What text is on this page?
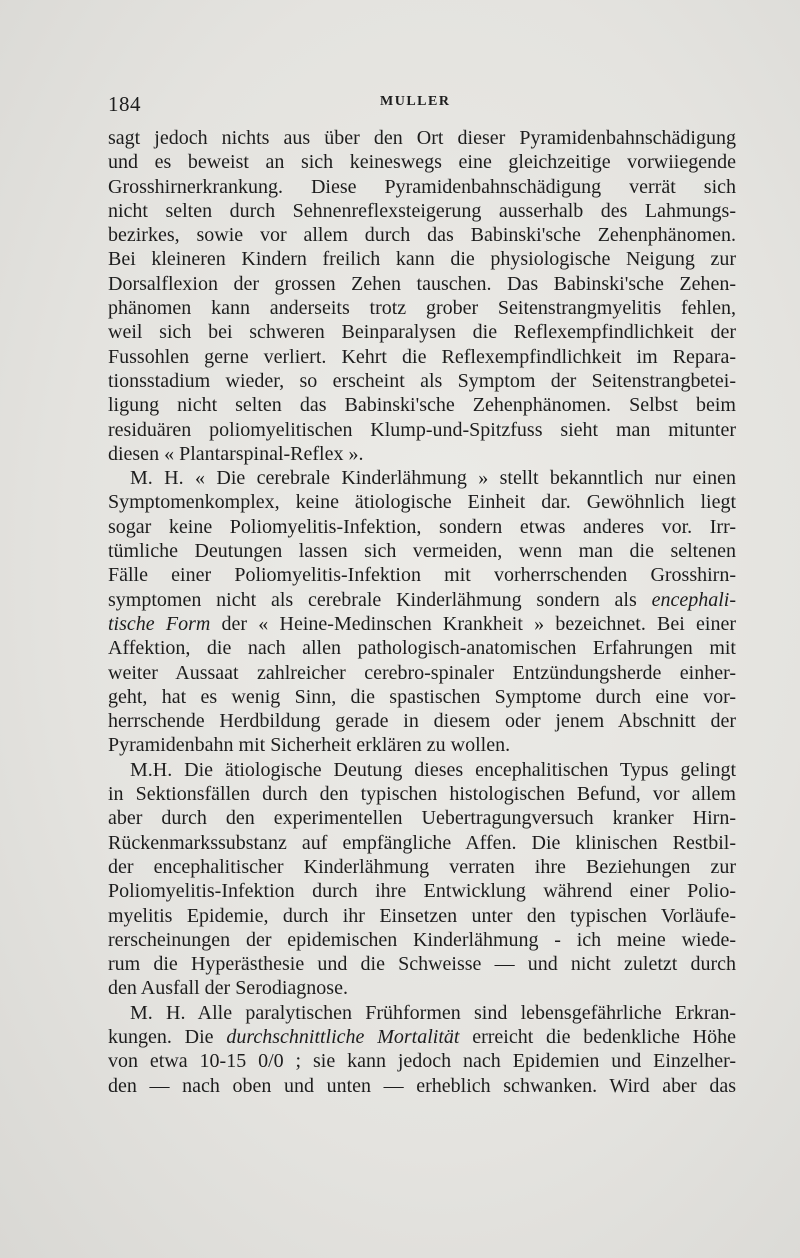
184	MULLER
sagt jedoch nichts aus über den Ort dieser Pyramidenbahnschädigung
und es beweist an sich keineswegs eine gleichzeitige vorwiiegende
Grosshirnerkrankung. Diese Pyramidenbahnschädigung verrät sich
nicht selten durch Sehnenreflexsteigerung ausserhalb des Lahmungs-
bezirkes, sowie vor allem durch das Babinski'sche Zehenphänomen.
Bei kleineren Kindern freilich kann die physiologische Neigung zur
Dorsalflexion der grossen Zehen tauschen. Das Babinski'sche Zehen-
phänomen kann anderseits trotz grober Seitenstrangmyelitis fehlen,
weil sich bei schweren Beinparalysen die Reflexempfindlichkeit der
Fussohlen gerne verliert. Kehrt die Reflexempfindlichkeit im Repara-
tionsstadium wieder, so erscheint als Symptom der Seitenstrangbetei-
ligung nicht selten das Babinski'sche Zehenphänomen. Selbst beim
residuären poliomyelitischen Klump-und-Spitzfuss sieht man mitunter
diesen « Plantarspinal-Reflex ».
M. H. « Die cerebrale Kinderlähmung » stellt bekanntlich nur einen
Symptomenkomplex, keine ätiologische Einheit dar. Gewöhnlich liegt
sogar keine Poliomyelitis-Infektion, sondern etwas anderes vor. Irr-
tümliche Deutungen lassen sich vermeiden, wenn man die seltenen
Fälle einer Poliomyelitis-Infektion mit vorherrschenden Grosshirn-
symptomen nicht als cerebrale Kinderlähmung sondern als encephali-
tische Form der « Heine-Medinschen Krankheit » bezeichnet. Bei einer
Affektion, die nach allen pathologisch-anatomischen Erfahrungen mit
weiter Aussaat zahlreicher cerebro-spinaler Entzündungsherde einher-
geht, hat es wenig Sinn, die spastischen Symptome durch eine vor-
herrschende Herdbildung gerade in diesem oder jenem Abschnitt der
Pyramidenbahn mit Sicherheit erklären zu wollen.
M.H. Die ätiologische Deutung dieses encephalitischen Typus gelingt
in Sektionsfällen durch den typischen histologischen Befund, vor allem
aber durch den experimentellen Uebertragungversuch kranker Hirn-
Rückenmarkssubstanz auf empfängliche Affen. Die klinischen Restbil-
der encephalitischer Kinderlähmung verraten ihre Beziehungen zur
Poliomyelitis-Infektion durch ihre Entwicklung während einer Polio-
myelitis Epidemie, durch ihr Einsetzen unter den typischen Vorläufe-
rerscheinungen der epidemischen Kinderlähmung - ich meine wiede-
rum die Hyperästhesie und die Schweisse — und nicht zuletzt durch
den Ausfall der Serodiagnose.
M. H. Alle paralytischen Frühformen sind lebensgefährliche Erkran-
kungen. Die durchschnittliche Mortalität erreicht die bedenkliche Höhe
von etwa 10-15 0/0 ; sie kann jedoch nach Epidemien und Einzelher-
den — nach oben und unten — erheblich schwanken. Wird aber das
